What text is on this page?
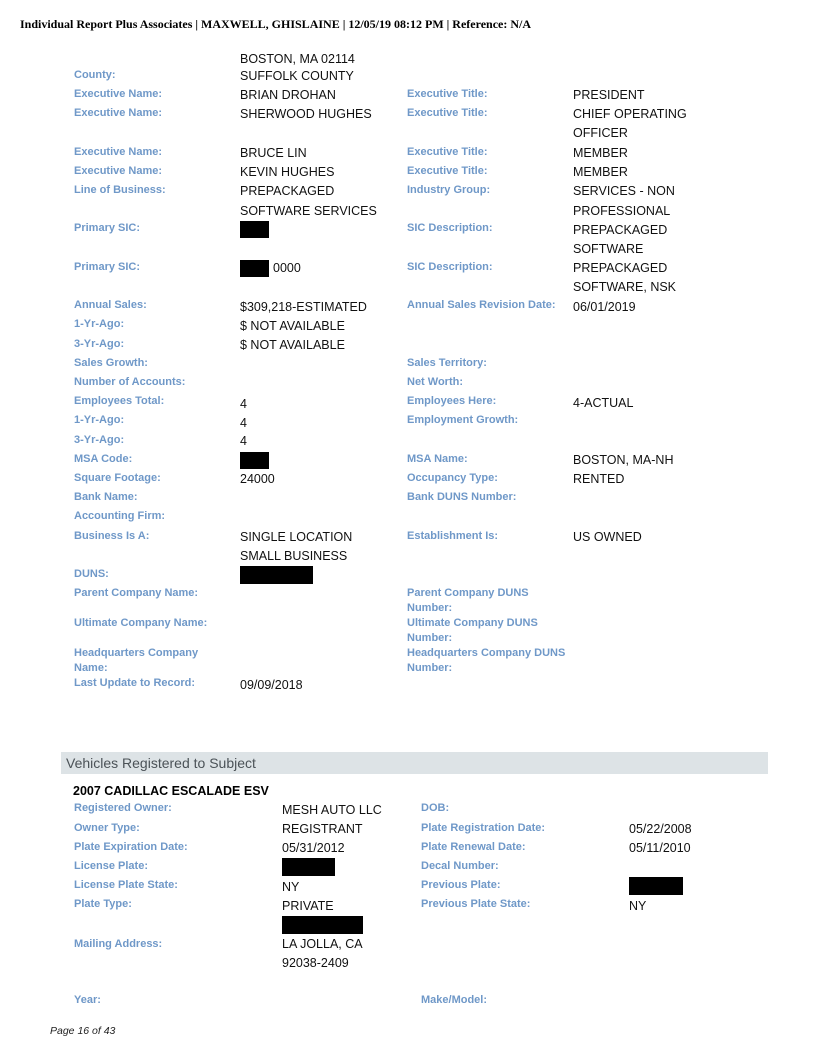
Individual Report Plus Associates | MAXWELL, GHISLAINE | 12/05/19 08:12 PM | Reference: N/A
BOSTON, MA 02114
County:	SUFFOLK COUNTY
Executive Name:	BRIAN DROHAN	Executive Title:	PRESIDENT
Executive Name:	SHERWOOD HUGHES	Executive Title:	CHIEF OPERATING
OFFICER
Executive Name:	BRUCE LIN	Executive Title:	MEMBER
Executive Name:	KEVIN HUGHES	Executive Title:	MEMBER
Line of Business:	PREPACKAGED
SOFTWARE SERVICES
Industry Group:	SERVICES - NON
PROFESSIONAL
Primary SIC:	SIC Description:	PREPACKAGED
SOFTWARE
Primary SIC:	0000	SIC Description:	PREPACKAGED
SOFTWARE, NSK
Annual Sales:	$309,218-ESTIMATED	Annual Sales Revision Date: 06/01/2019
1-Yr-Ago:	$ NOT AVAILABLE
3-Yr-Ago:	$ NOT AVAILABLE
Sales Growth:	Sales Territory:
Number of Accounts:	Net Worth:
Employees Total:	4	Employees Here:	4-ACTUAL
1-Yr-Ago:	4	Employment Growth:
3-Yr-Ago:	4
MSA Code:	MSA Name:	BOSTON, MA-NH
Square Footage:	24000	Occupancy Type:	RENTED
Bank Name:	Bank DUNS Number:
Accounting Firm:
Business Is A:	SINGLE LOCATION
SMALL BUSINESS
Establishment Is:	US OWNED
DUNS:
Parent Company Name:	Parent Company DUNS
Number:
Ultimate Company Name:	Ultimate Company DUNS
Number:
Headquarters Company
Name:
Headquarters Company DUNS
Number:
Last Update to Record:	09/09/2018
Vehicles Registered to Subject
2007 CADILLAC ESCALADE ESV
Registered Owner:	MESH AUTO LLC	DOB:
Owner Type:	REGISTRANT	Plate Registration Date:	05/22/2008
Plate Expiration Date:	05/31/2012	Plate Renewal Date:	05/11/2010
License Plate:	Decal Number:
License Plate State:	NY	Previous Plate:
Plate Type:	PRIVATE	Previous Plate State:	NY
Mailing Address:	LA JOLLA, CA
92038-2409
Year:	Make/Model:
Page 16 of 43
